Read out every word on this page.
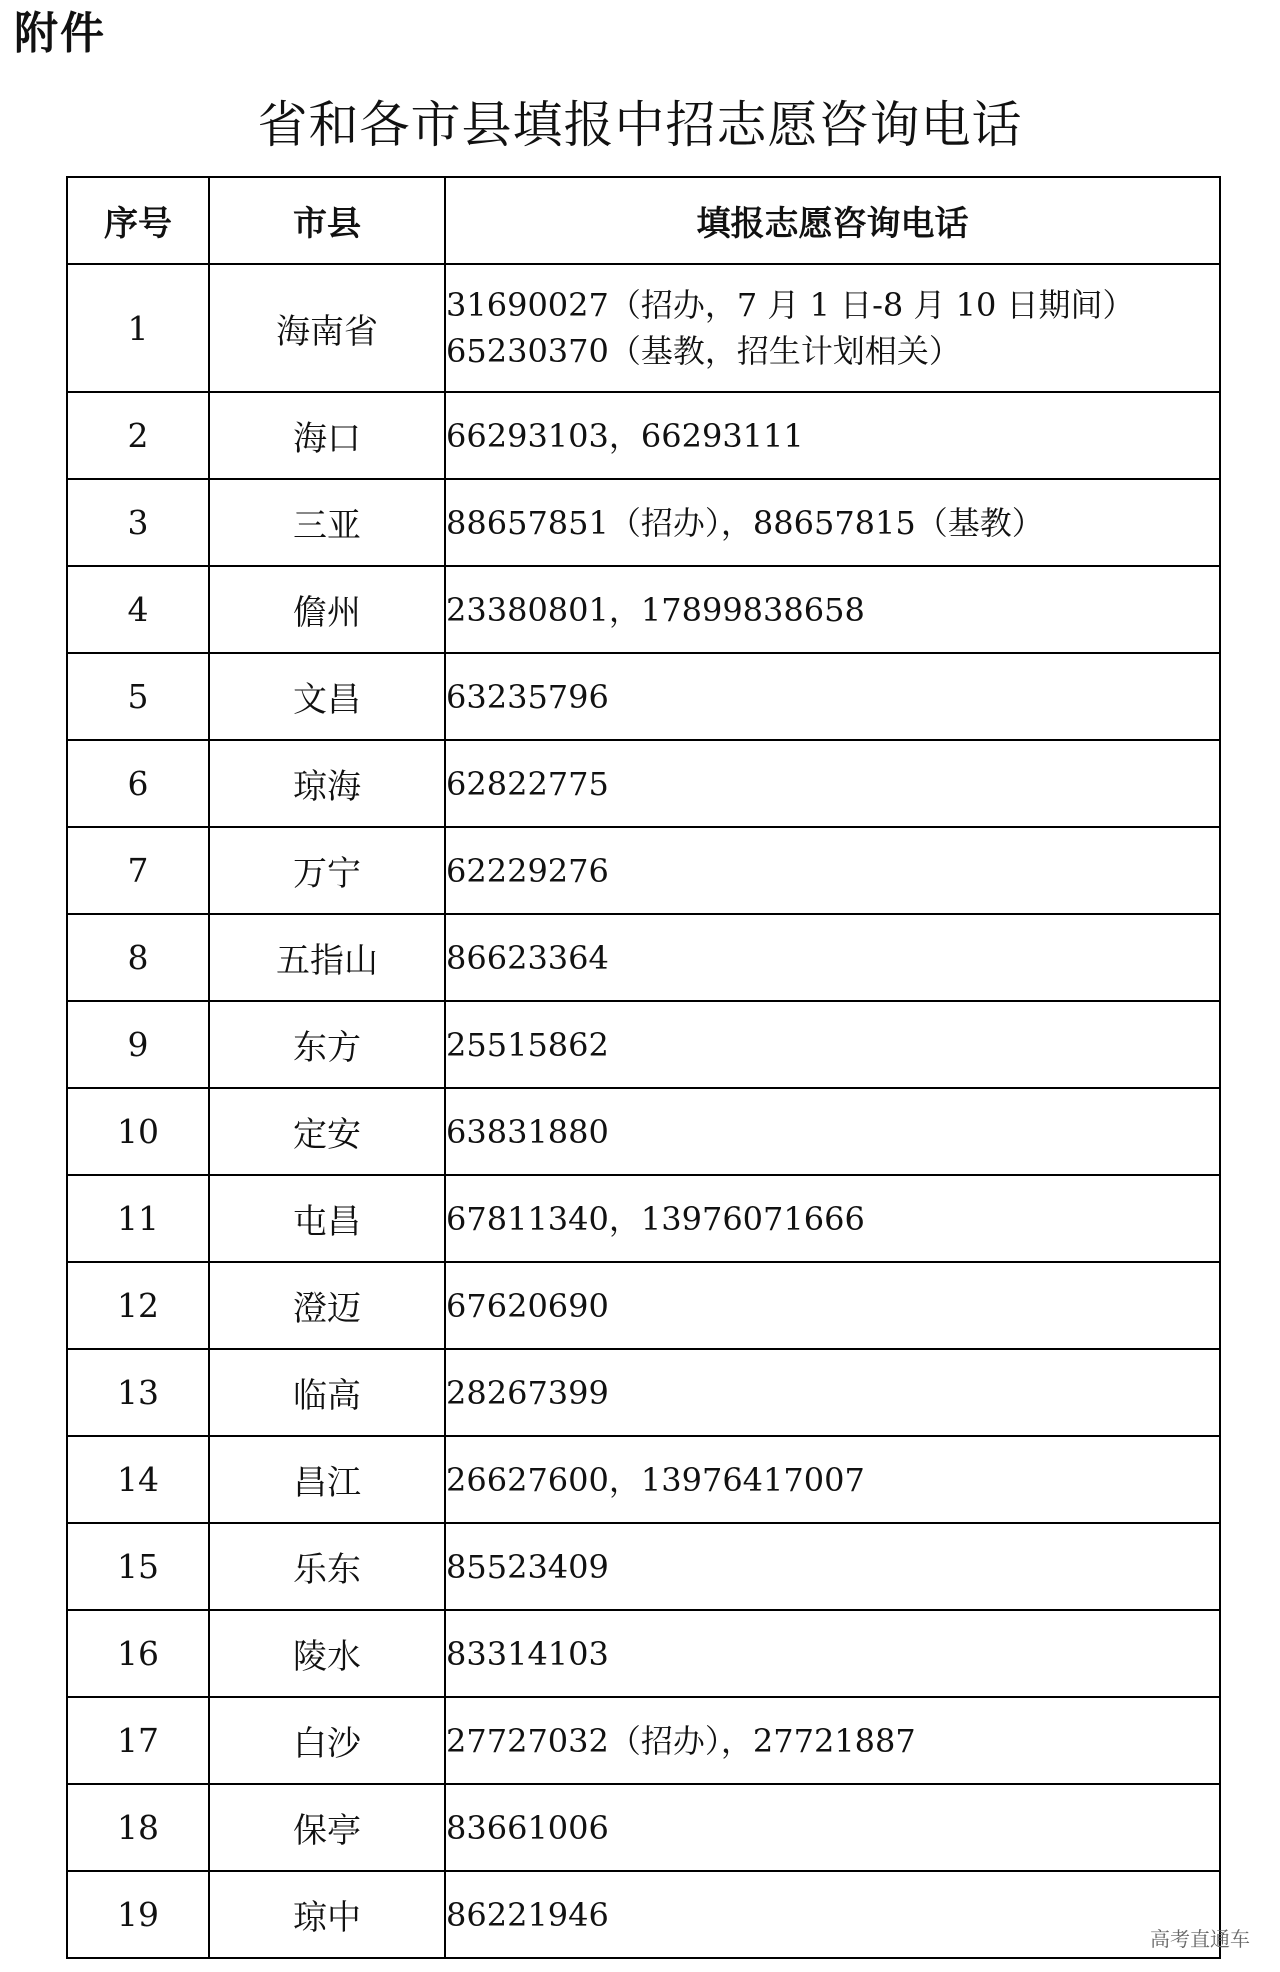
附件
省和各市县填报中招志愿咨询电话
序号	市县	填报志愿咨询电话
1	海南省	31690027（招办，7 月 1 日-8 月 10 日期间）
65230370（基教，招生计划相关）

2	海口	66293103，66293111

3	三亚	88657851（招办），88657815（基教）

4	儋州	23380801，17899838658

5	文昌	63235796

6	琼海	62822775

7	万宁	62229276

8	五指山	86623364

9	东方	25515862

10	定安	63831880

11	屯昌	67811340，13976071666

12	澄迈	67620690

13	临高	28267399

14	昌江	26627600，13976417007

15	乐东	85523409

16	陵水	83314103

17	白沙	27727032（招办），27721887

18	保亭	83661006

19	琼中	86221946
高考直通车
